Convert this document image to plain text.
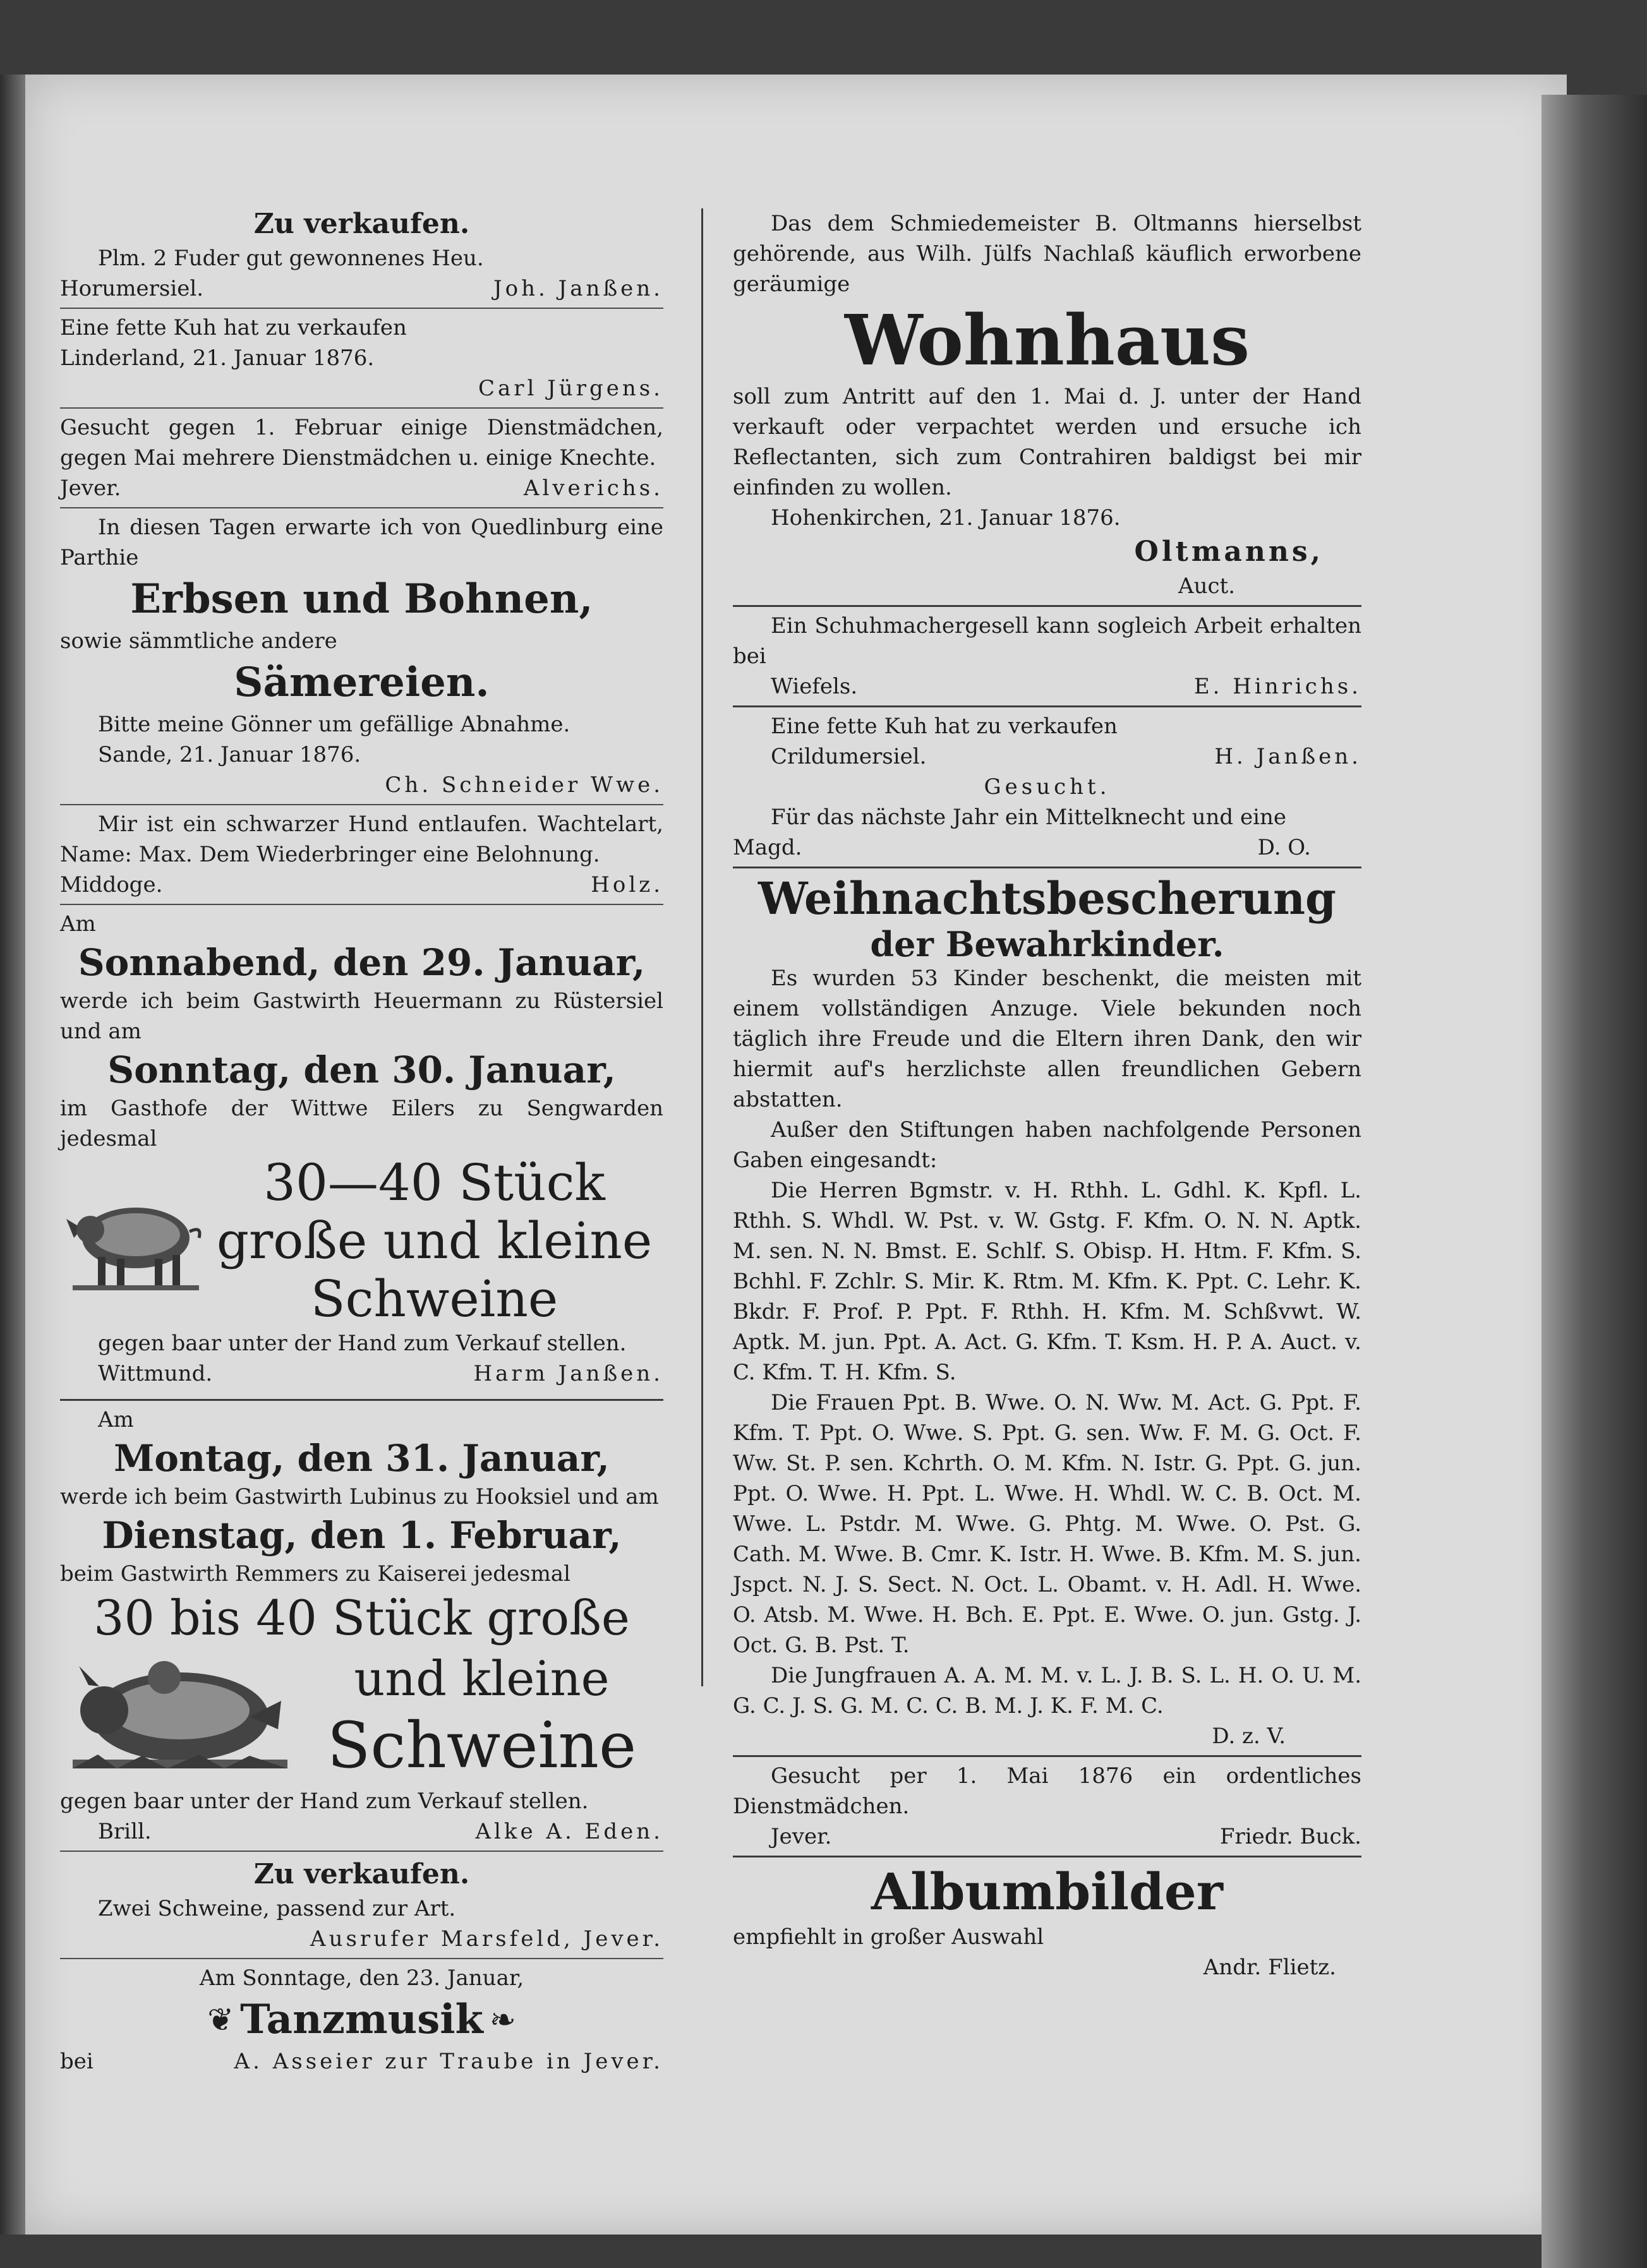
Zu verkaufen.

Plm. 2 Fuder gut gewonnenes Heu.

Horumersiel.	Joh. Janßen.

Eine fette Kuh hat zu verkaufen

Linderland, 21. Januar 1876.

Carl Jürgens.

Gesucht gegen 1. Februar einige Dienstmädchen, gegen Mai mehrere Dienstmädchen u. einige Knechte.

Jever.	Alverichs.

In diesen Tagen erwarte ich von Quedlinburg eine Parthie

Erbsen und Bohnen,

sowie sämmtliche andere

Sämereien.

Bitte meine Gönner um gefällige Abnahme.

Sande, 21. Januar 1876.

Ch. Schneider Wwe.

Mir ist ein schwarzer Hund entlaufen. Wachtelart, Name: Max. Dem Wiederbringer eine Belohnung.

Middoge.	Holz.

Am

Sonnabend, den 29. Januar,

werde ich beim Gastwirth Heuermann zu Rüstersiel und am

Sonntag, den 30. Januar,

im Gasthofe der Wittwe Eilers zu Sengwarden jedesmal

30—40 Stück

große und kleine

Schweine

gegen baar unter der Hand zum Verkauf stellen.

Wittmund.	Harm Janßen.

Am

Montag, den 31. Januar,

werde ich beim Gastwirth Lubinus zu Hooksiel und am

Dienstag, den 1. Februar,

beim Gastwirth Remmers zu Kaiserei jedesmal

30 bis 40 Stück große

und kleine

Schweine

gegen baar unter der Hand zum Verkauf stellen.

Brill.	Alke A. Eden.

Zu verkaufen.

Zwei Schweine, passend zur Art.

Ausrufer Marsfeld, Jever.

Am Sonntage, den 23. Januar,

❦ Tanzmusik ❧
bei	A. Asseier zur Traube in Jever.

Das dem Schmiedemeister B. Oltmanns hierselbst gehörende, aus Wilh. Jülfs Nachlaß käuflich erworbene geräumige

Wohnhaus

soll zum Antritt auf den 1. Mai d. J. unter der Hand verkauft oder verpachtet werden und ersuche ich Reflectanten, sich zum Contrahiren baldigst bei mir einfinden zu wollen.

Hohenkirchen, 21. Januar 1876.

Oltmanns,

Auct.

Ein Schuhmachergesell kann sogleich Arbeit erhalten bei

Wiefels.	E. Hinrichs.

Eine fette Kuh hat zu verkaufen

Crildumersiel.	H. Janßen.

Gesucht.

Für das nächste Jahr ein Mittelknecht und eine

Magd.	D. O.

Weihnachtsbescherung

der Bewahrkinder.

Es wurden 53 Kinder beschenkt, die meisten mit einem vollständigen Anzuge. Viele bekunden noch täglich ihre Freude und die Eltern ihren Dank, den wir hiermit auf's herzlichste allen freundlichen Gebern abstatten.

Außer den Stiftungen haben nachfolgende Personen Gaben eingesandt:

Die Herren Bgmstr. v. H. Rthh. L. Gdhl. K. Kpfl. L. Rthh. S. Whdl. W. Pst. v. W. Gstg. F. Kfm. O. N. N. Aptk. M. sen. N. N. Bmst. E. Schlf. S. Obisp. H. Htm. F. Kfm. S. Bchhl. F. Zchlr. S. Mir. K. Rtm. M. Kfm. K. Ppt. C. Lehr. K. Bkdr. F. Prof. P. Ppt. F. Rthh. H. Kfm. M. Schßvwt. W. Aptk. M. jun. Ppt. A. Act. G. Kfm. T. Ksm. H. P. A. Auct. v. C. Kfm. T. H. Kfm. S.

Die Frauen Ppt. B. Wwe. O. N. Ww. M. Act. G. Ppt. F. Kfm. T. Ppt. O. Wwe. S. Ppt. G. sen. Ww. F. M. G. Oct. F. Ww. St. P. sen. Kchrth. O. M. Kfm. N. Istr. G. Ppt. G. jun. Ppt. O. Wwe. H. Ppt. L. Wwe. H. Whdl. W. C. B. Oct. M. Wwe. L. Pstdr. M. Wwe. G. Phtg. M. Wwe. O. Pst. G. Cath. M. Wwe. B. Cmr. K. Istr. H. Wwe. B. Kfm. M. S. jun. Jspct. N. J. S. Sect. N. Oct. L. Obamt. v. H. Adl. H. Wwe. O. Atsb. M. Wwe. H. Bch. E. Ppt. E. Wwe. O. jun. Gstg. J. Oct. G. B. Pst. T.

Die Jungfrauen A. A. M. M. v. L. J. B. S. L. H. O. U. M. G. C. J. S. G. M. C. C. B. M. J. K. F. M. C.

D. z. V.

Gesucht per 1. Mai 1876 ein ordentliches Dienstmädchen.

Jever.	Friedr. Buck.

Albumbilder

empfiehlt in großer Auswahl

Andr. Flietz.
